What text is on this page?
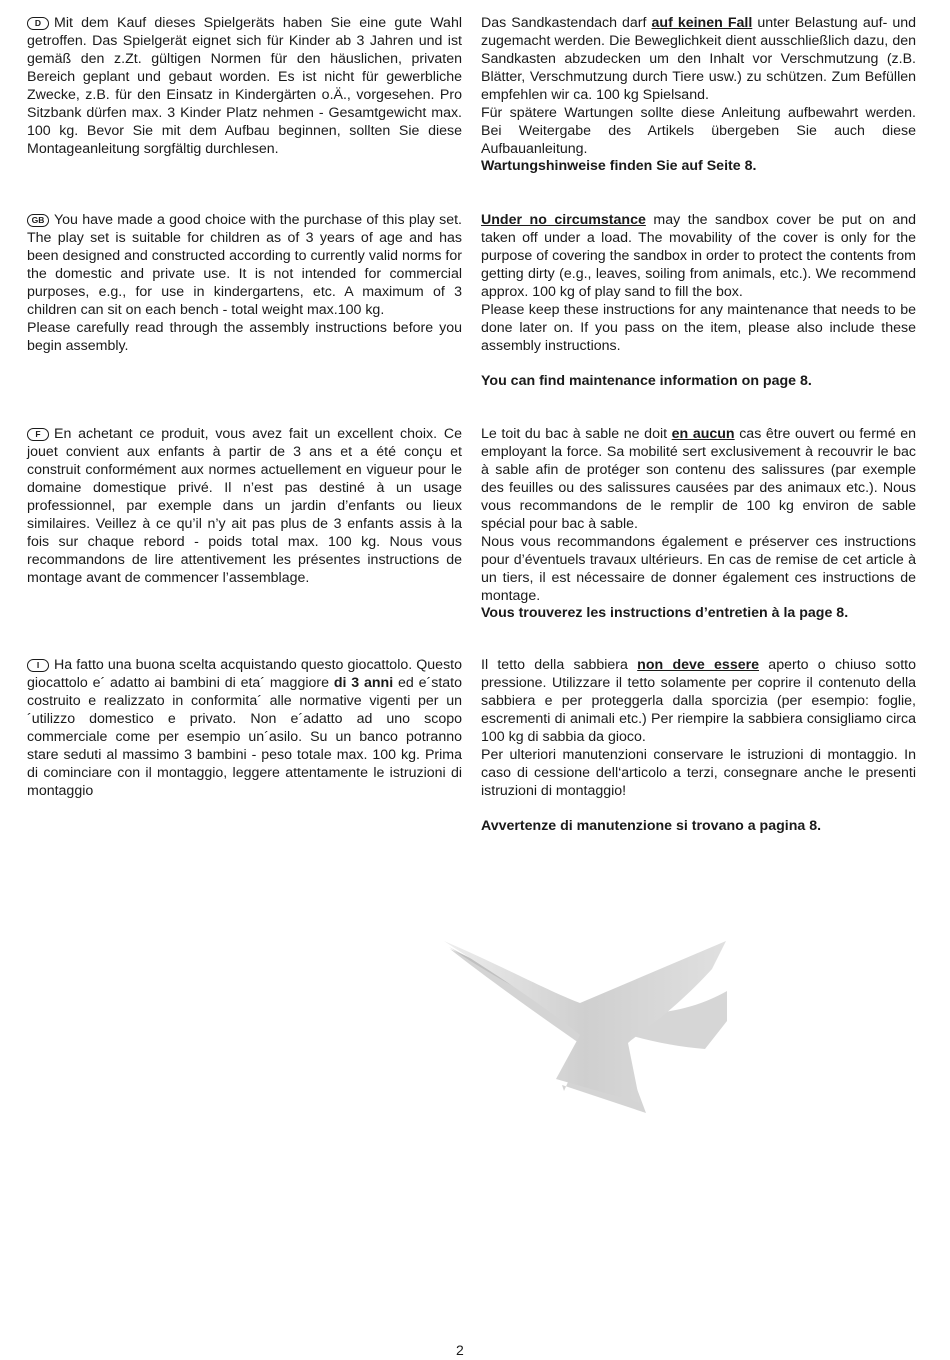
D Mit dem Kauf dieses Spielgeräts haben Sie eine gute Wahl getroffen. Das Spielgerät eignet sich für Kinder ab 3 Jahren und ist gemäß den z.Zt. gültigen Normen für den häuslichen, privaten Bereich geplant und gebaut worden. Es ist nicht für gewerbliche Zwecke, z.B. für den Einsatz in Kindergärten o.Ä., vorgesehen. Pro Sitzbank dürfen max. 3 Kinder Platz nehmen - Gesamtgewicht max. 100 kg. Bevor Sie mit dem Aufbau beginnen, sollten Sie diese Montageanleitung sorgfältig durchlesen.
Das Sandkastendach darf auf keinen Fall unter Belastung auf- und zugemacht werden. Die Beweglichkeit dient ausschließlich dazu, den Sandkasten abzudecken um den Inhalt vor Verschmutzung (z.B. Blätter, Verschmutzung durch Tiere usw.) zu schützen. Zum Befüllen empfehlen wir ca. 100 kg Spielsand.
Für spätere Wartungen sollte diese Anleitung aufbewahrt werden. Bei Weitergabe des Artikels übergeben Sie auch diese Aufbauanleitung.
Wartungshinweise finden Sie auf Seite 8.
GB You have made a good choice with the purchase of this play set. The play set is suitable for children as of 3 years of age and has been designed and constructed according to currently valid norms for the domestic and private use. It is not intended for commercial purposes, e.g., for use in kindergartens, etc. A maximum of 3 children can sit on each bench - total weight max.100 kg.
Please carefully read through the assembly instructions before you begin assembly.
Under no circumstance may the sandbox cover be put on and taken off under a load. The movability of the cover is only for the purpose of covering the sandbox in order to protect the contents from getting dirty (e.g., leaves, soiling from animals, etc.). We recommend approx. 100 kg of play sand to fill the box.
Please keep these instructions for any maintenance that needs to be done later on. If you pass on the item, please also include these assembly instructions.
You can find maintenance information on page 8.
F En achetant ce produit, vous avez fait un excellent choix. Ce jouet convient aux enfants à partir de 3 ans et a été conçu et construit conformément aux normes actuellement en vigueur pour le domaine domestique privé. Il n’est pas destiné à un usage professionnel, par exemple dans un jardin d’enfants ou lieux similaires. Veillez à ce qu’il n’y ait pas plus de 3 enfants assis à la fois sur chaque rebord - poids total max. 100 kg. Nous vous recommandons de lire attentivement les présentes instructions de montage avant de commencer l’assemblage.
Le toit du bac à sable ne doit en aucun cas être ouvert ou fermé en employant la force. Sa mobilité sert exclusivement à recouvrir le bac à sable afin de protéger son contenu des salissures (par exemple des feuilles ou des salissures causées par des animaux etc.). Nous vous recommandons de le remplir de 100 kg environ de sable spécial pour bac à sable.
Nous vous recommandons également e préserver ces instructions pour d’éventuels travaux ultérieurs. En cas de remise de cet article à un tiers, il est nécessaire de donner également ces instructions de montage.
Vous trouverez les instructions d’entretien à la page 8.
I Ha fatto una buona scelta acquistando questo giocattolo. Questo giocattolo e´ adatto ai bambini di eta´ maggiore di 3 anni ed e´stato costruito e realizzato in conformita´ alle normative vigenti per un´utilizzo domestico e privato. Non e´adatto ad uno scopo commerciale come per esempio un´asilo. Su un banco potranno stare seduti al massimo 3 bambini - peso totale max. 100 kg. Prima di cominciare con il montaggio, leggere attentamente le istruzioni di montaggio
Il tetto della sabbiera non deve essere aperto o chiuso sotto pressione. Utilizzare il tetto solamente per coprire il contenuto della sabbiera e per proteggerla dalla sporcizia (per esempio: foglie, escrementi di animali etc.) Per riempire la sabbiera consigliamo circa 100 kg di sabbia da gioco.
Per ulteriori manutenzioni conservare le istruzioni di montaggio. In caso di cessione dell‘articolo a terzi, consegnare anche le presenti istruzioni di montaggio!
Avvertenze di manutenzione si trovano a pagina 8.
2
